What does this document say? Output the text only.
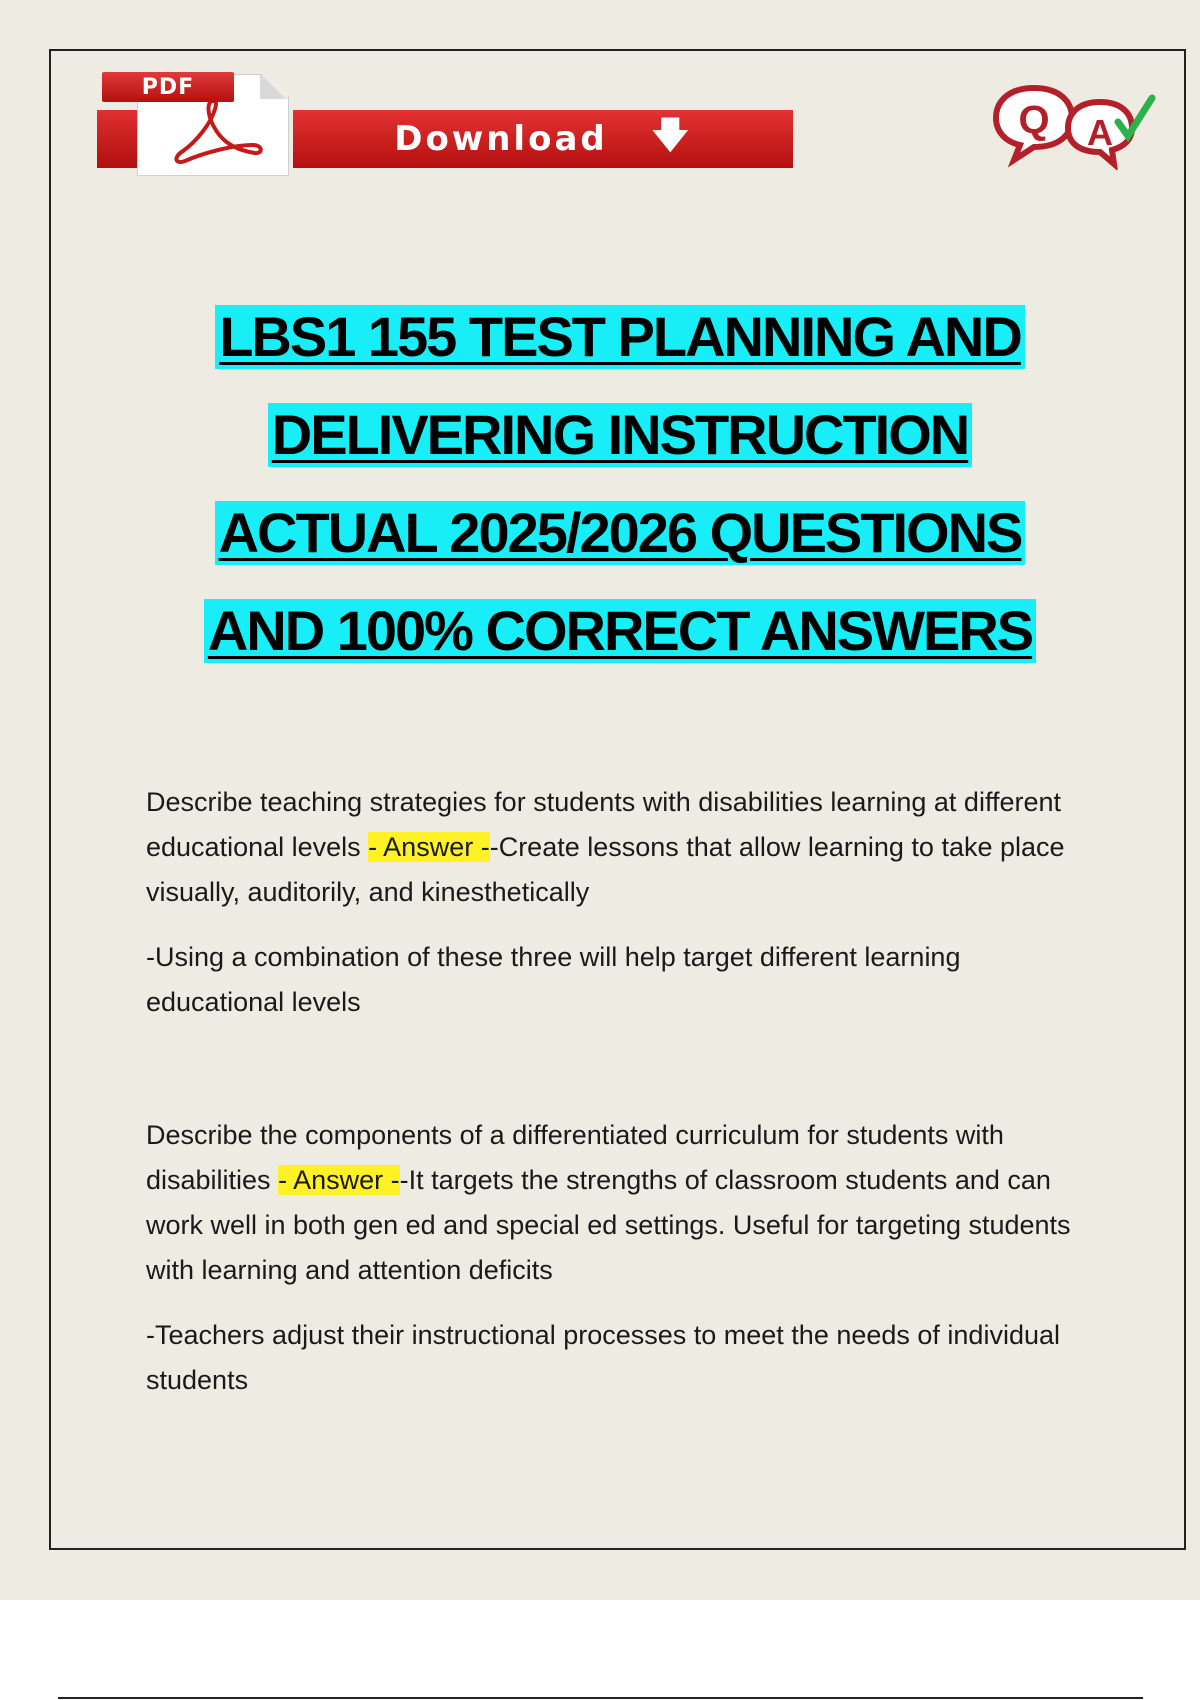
PDF
Download 🡇	Q A
LBS1 155 TEST PLANNING AND
DELIVERING INSTRUCTION
ACTUAL 2025/2026 QUESTIONS
AND 100% CORRECT ANSWERS

Describe teaching strategies for students with disabilities learning at different educational levels - Answer --Create lessons that allow learning to take place visually, auditorily, and kinesthetically

-Using a combination of these three will help target different learning educational levels

Describe the components of a differentiated curriculum for students with disabilities - Answer --It targets the strengths of classroom students and can work well in both gen ed and special ed settings. Useful for targeting students with learning and attention deficits

-Teachers adjust their instructional processes to meet the needs of individual students
